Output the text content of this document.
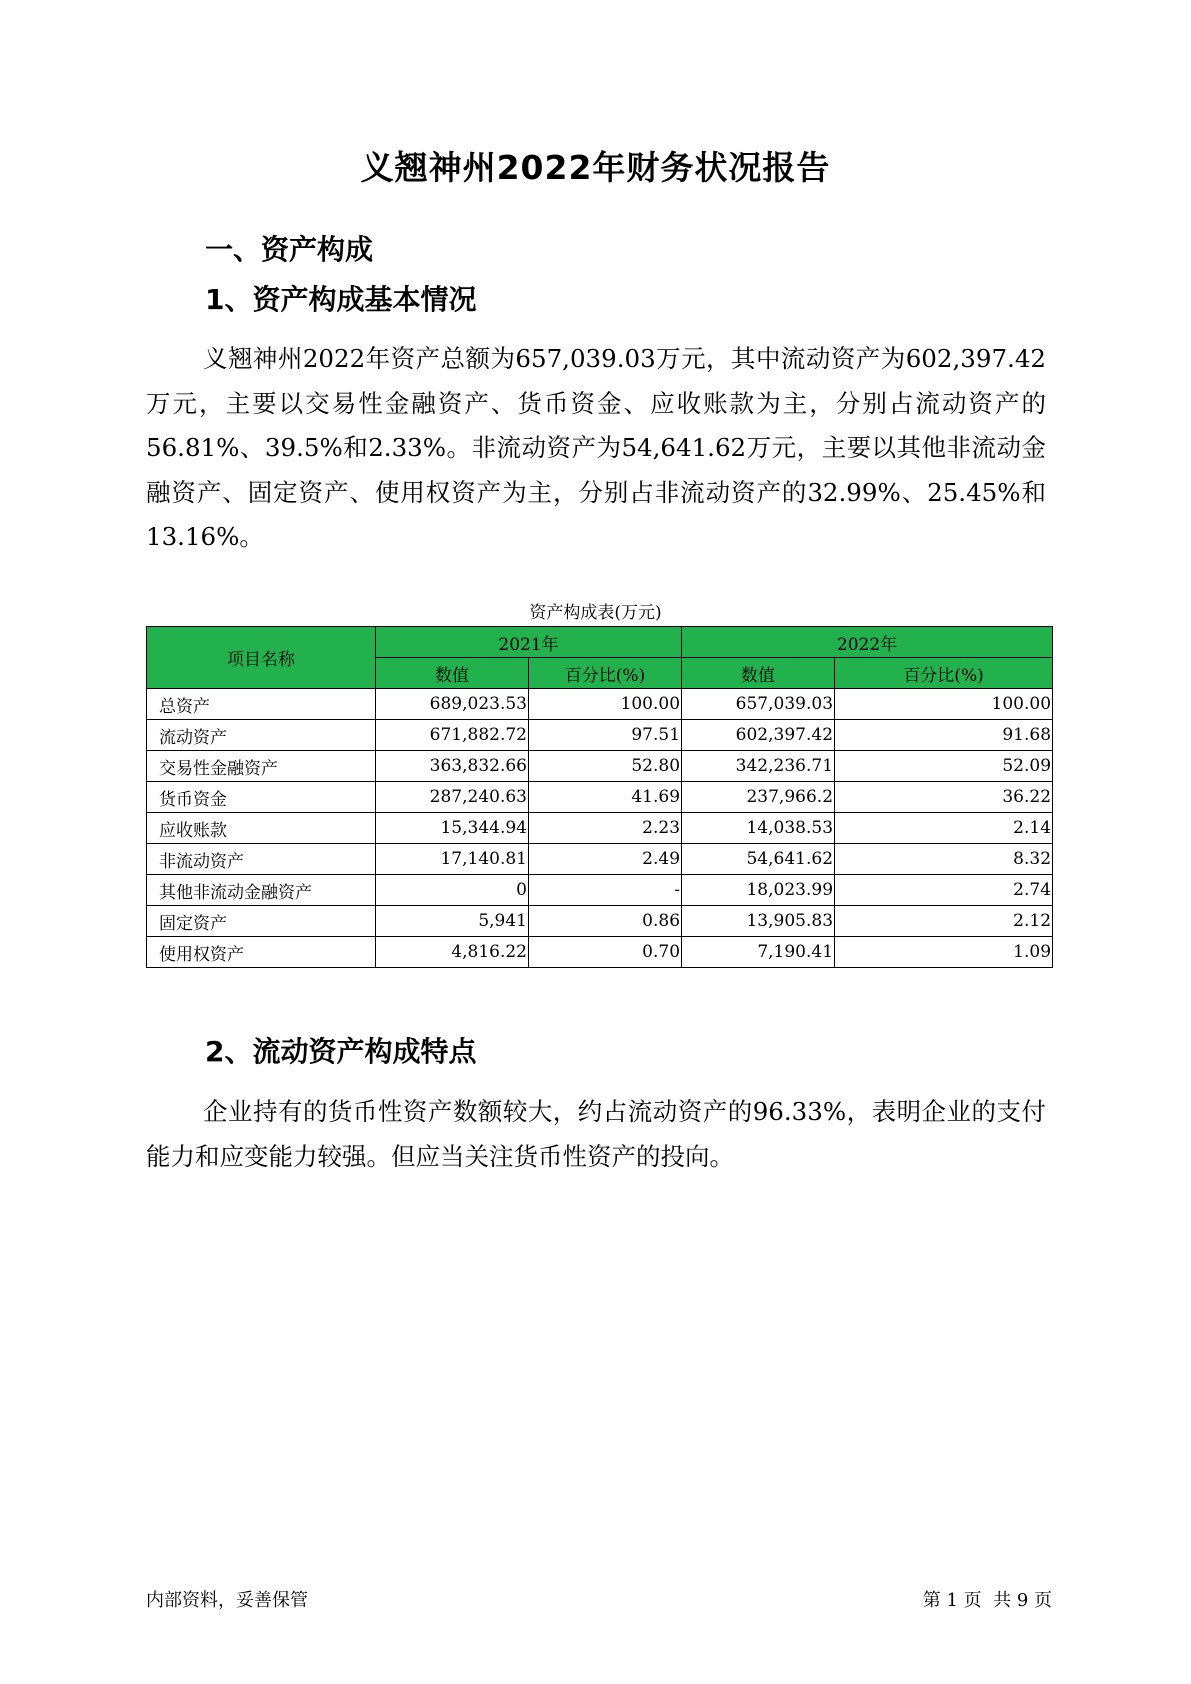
义翘神州2022年财务状况报告
一、资产构成
1、资产构成基本情况

义翘神州2022年资产总额为657,039.03万元，其中流动资产为602,397.42万元，主要以交易性金融资产、货币资金、应收账款为主，分别占流动资产的56.81%、39.5%和2.33%。非流动资产为54,641.62万元，主要以其他非流动金融资产、固定资产、使用权资产为主，分别占非流动资产的32.99%、25.45%和13.16%。

资产构成表(万元)
项目名称	2021年		2022年	
	数值	百分比(%)	数值	百分比(%)
总资产	689,023.53	100.00	657,039.03	100.00
流动资产	671,882.72	97.51	602,397.42	91.68
交易性金融资产	363,832.66	52.80	342,236.71	52.09
货币资金	287,240.63	41.69	237,966.2	36.22
应收账款	15,344.94	2.23	14,038.53	2.14
非流动资产	17,140.81	2.49	54,641.62	8.32
其他非流动金融资产	0	-	18,023.99	2.74
固定资产	5,941	0.86	13,905.83	2.12
使用权资产	4,816.22	0.70	7,190.41	1.09
2、流动资产构成特点

企业持有的货币性资产数额较大，约占流动资产的96.33%，表明企业的支付能力和应变能力较强。但应当关注货币性资产的投向。

内部资料，妥善保管	第 1 页  共 9 页
